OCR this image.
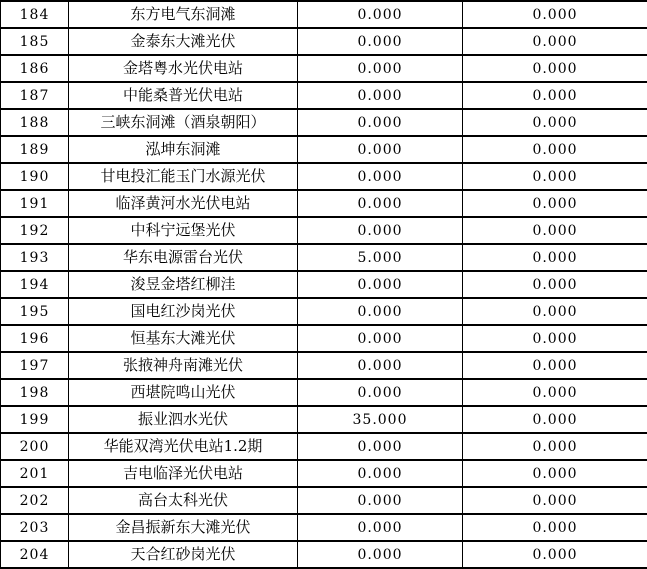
184	东方电气东洞滩	0.000	0.000
185	金泰东大滩光伏	0.000	0.000
186	金塔粤水光伏电站	0.000	0.000
187	中能桑普光伏电站	0.000	0.000
188	三峡东洞滩（酒泉朝阳）	0.000	0.000
189	泓坤东洞滩	0.000	0.000
190	甘电投汇能玉门水源光伏	0.000	0.000
191	临泽黄河水光伏电站	0.000	0.000
192	中科宁远堡光伏	0.000	0.000
193	华东电源雷台光伏	5.000	0.000
194	浚昱金塔红柳洼	0.000	0.000
195	国电红沙岗光伏	0.000	0.000
196	恒基东大滩光伏	0.000	0.000
197	张掖神舟南滩光伏	0.000	0.000
198	西堪院鸣山光伏	0.000	0.000
199	振业泗水光伏	35.000	0.000
200	华能双湾光伏电站1.2期	0.000	0.000
201	吉电临泽光伏电站	0.000	0.000
202	高台太科光伏	0.000	0.000
203	金昌振新东大滩光伏	0.000	0.000
204	天合红砂岗光伏	0.000	0.000
